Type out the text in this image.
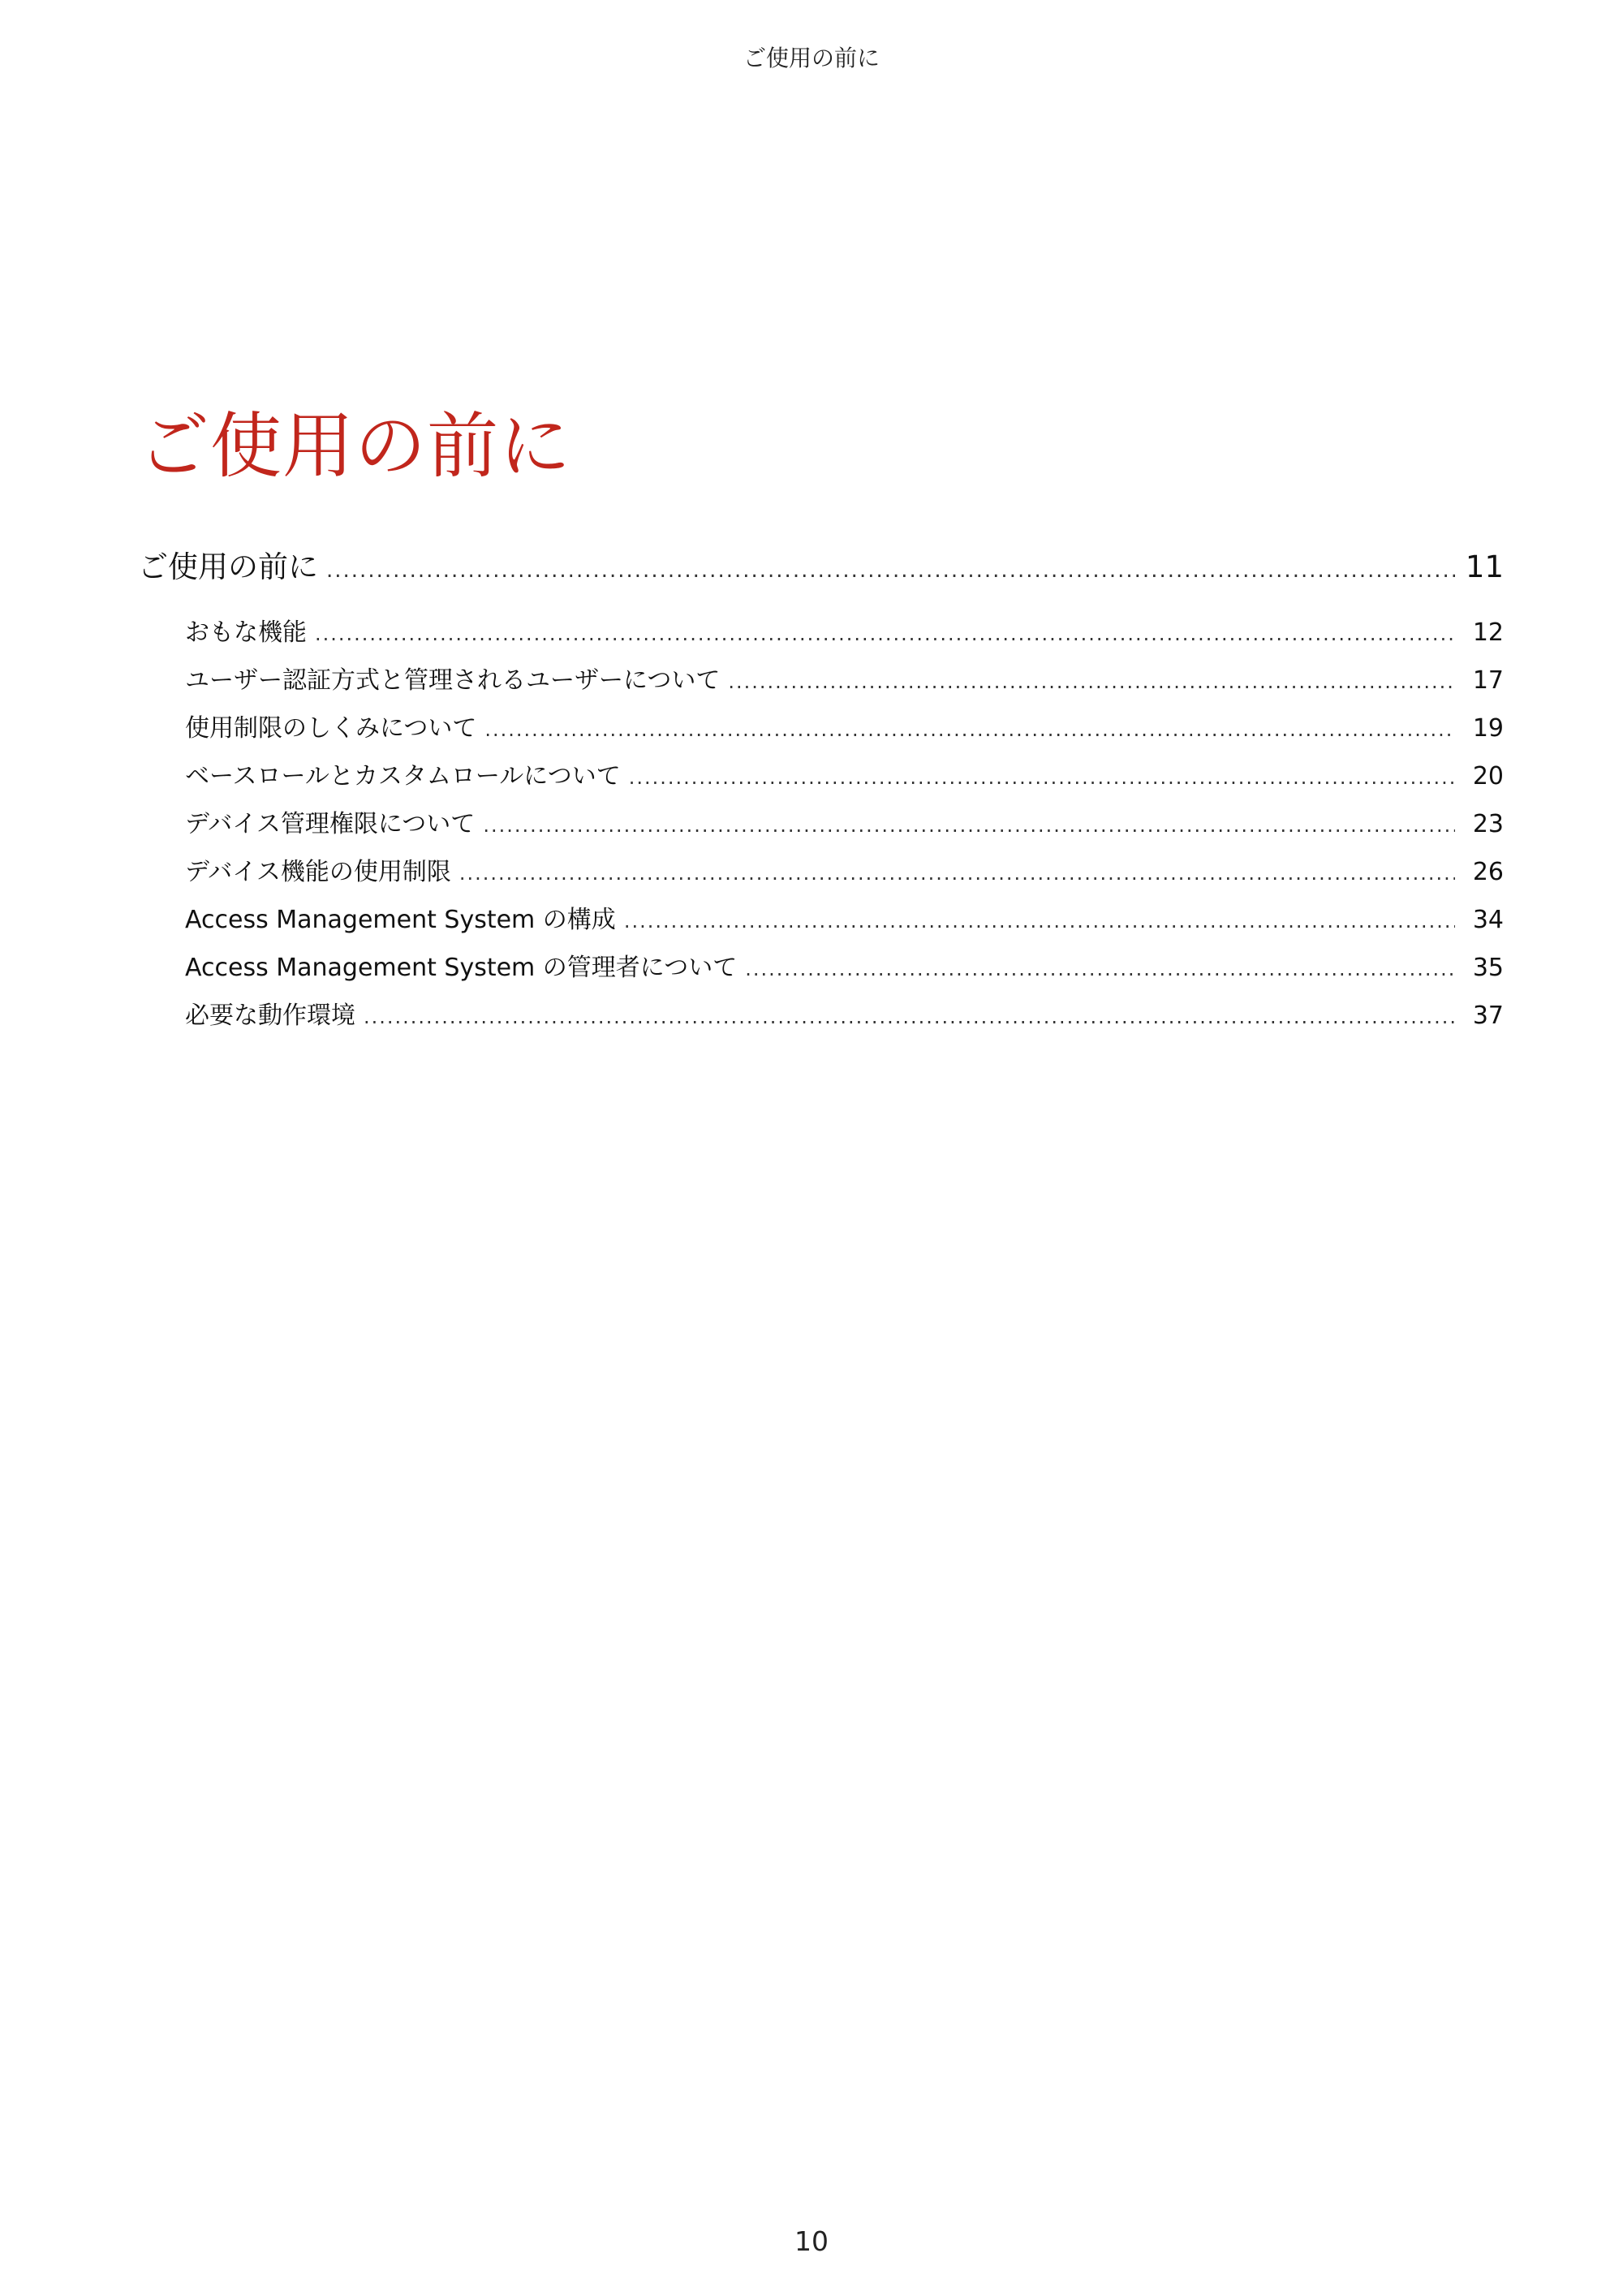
ご使用の前に
ご使用の前に
ご使用の前に .....	11
おもな機能 .....	12
ユーザー認証方式と管理されるユーザーについて .....	17
使用制限のしくみについて .....	19
ベースロールとカスタムロールについて .....	20
デバイス管理権限について .....	23
デバイス機能の使用制限 .....	26
Access Management System の構成 .....	34
Access Management System の管理者について .....	35
必要な動作環境 .....	37
10
